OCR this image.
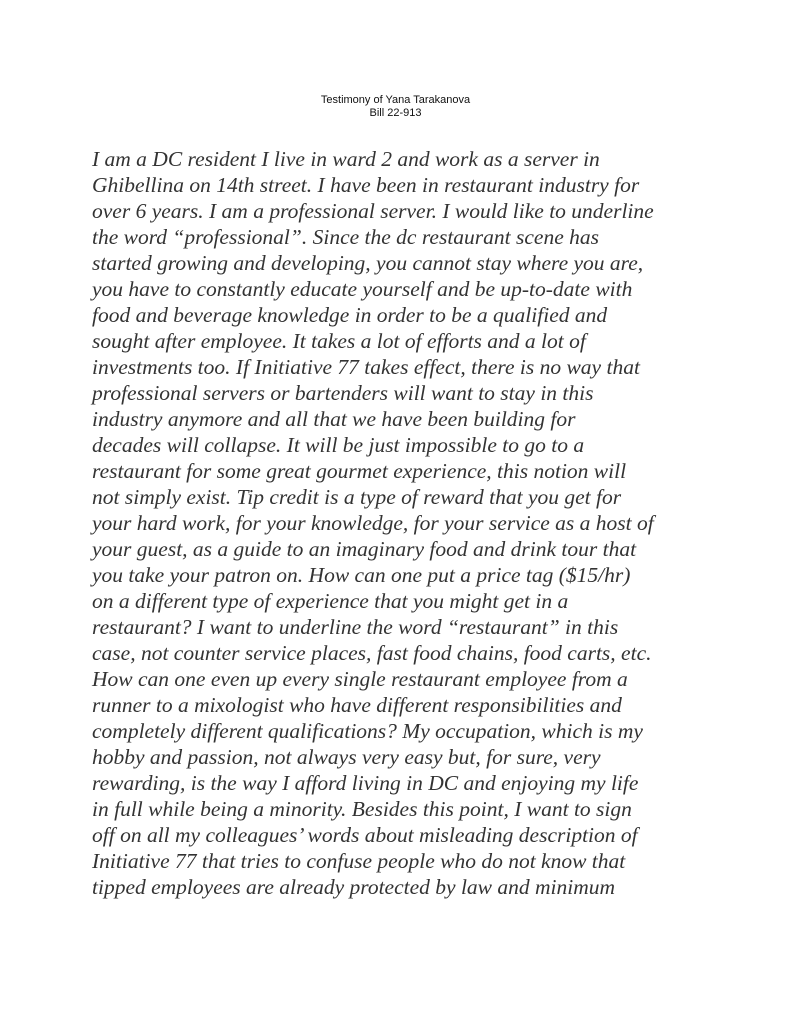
Testimony of Yana Tarakanova
Bill 22-913
I am a DC resident I live in ward 2 and work as a server in
Ghibellina on 14th street. I have been in restaurant industry for
over 6 years. I am a professional server. I would like to underline
the word “professional”. Since the dc restaurant scene has
started growing and developing, you cannot stay where you are,
you have to constantly educate yourself and be up-to-date with
food and beverage knowledge in order to be a qualified and
sought after employee. It takes a lot of efforts and a lot of
investments too. If Initiative 77 takes effect, there is no way that
professional servers or bartenders will want to stay in this
industry anymore and all that we have been building for
decades will collapse. It will be just impossible to go to a
restaurant for some great gourmet experience, this notion will
not simply exist. Tip credit is a type of reward that you get for
your hard work, for your knowledge, for your service as a host of
your guest, as a guide to an imaginary food and drink tour that
you take your patron on. How can one put a price tag ($15/hr)
on a different type of experience that you might get in a
restaurant? I want to underline the word “restaurant” in this
case, not counter service places, fast food chains, food carts, etc.
How can one even up every single restaurant employee from a
runner to a mixologist who have different responsibilities and
completely different qualifications? My occupation, which is my
hobby and passion, not always very easy but, for sure, very
rewarding, is the way I afford living in DC and enjoying my life
in full while being a minority. Besides this point, I want to sign
off on all my colleagues’ words about misleading description of
Initiative 77 that tries to confuse people who do not know that
tipped employees are already protected by law and minimum
